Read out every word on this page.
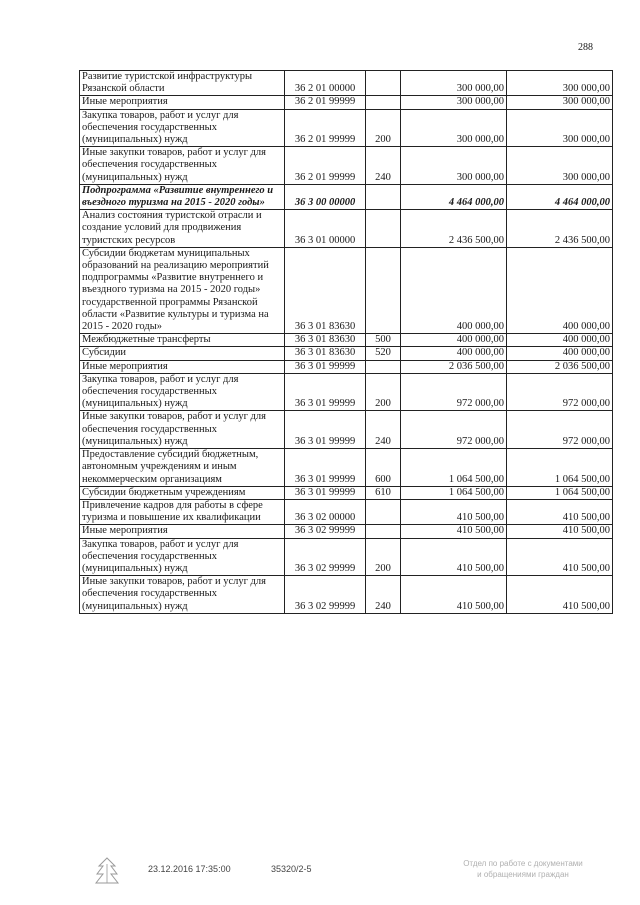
288
Развитие туристской инфраструктуры Рязанской области	36 2 01 00000		300 000,00	300 000,00
Иные мероприятия	36 2 01 99999		300 000,00	300 000,00
Закупка товаров, работ и услуг для обеспечения государственных (муниципальных) нужд	36 2 01 99999	200	300 000,00	300 000,00
Иные закупки товаров, работ и услуг для обеспечения государственных (муниципальных) нужд	36 2 01 99999	240	300 000,00	300 000,00
Подпрограмма «Развитие внутреннего и въездного туризма на 2015 - 2020 годы»	36 3 00 00000		4 464 000,00	4 464 000,00
Анализ состояния туристской отрасли и создание условий для продвижения туристских ресурсов	36 3 01 00000		2 436 500,00	2 436 500,00
Субсидии бюджетам муниципальных образований на реализацию мероприятий подпрограммы «Развитие внутреннего и въездного туризма на 2015 - 2020 годы» государственной программы Рязанской области «Развитие культуры и туризма на 2015 - 2020 годы»	36 3 01 83630		400 000,00	400 000,00
Межбюджетные трансферты	36 3 01 83630	500	400 000,00	400 000,00
Субсидии	36 3 01 83630	520	400 000,00	400 000,00
Иные мероприятия	36 3 01 99999		2 036 500,00	2 036 500,00
Закупка товаров, работ и услуг для обеспечения государственных (муниципальных) нужд	36 3 01 99999	200	972 000,00	972 000,00
Иные закупки товаров, работ и услуг для обеспечения государственных (муниципальных) нужд	36 3 01 99999	240	972 000,00	972 000,00
Предоставление субсидий бюджетным, автономным учреждениям и иным некоммерческим организациям	36 3 01 99999	600	1 064 500,00	1 064 500,00
Субсидии бюджетным учреждениям	36 3 01 99999	610	1 064 500,00	1 064 500,00
Привлечение кадров для работы в сфере туризма и повышение их квалификации	36 3 02 00000		410 500,00	410 500,00
Иные мероприятия	36 3 02 99999		410 500,00	410 500,00
Закупка товаров, работ и услуг для обеспечения государственных (муниципальных) нужд	36 3 02 99999	200	410 500,00	410 500,00
Иные закупки товаров, работ и услуг для обеспечения государственных (муниципальных) нужд	36 3 02 99999	240	410 500,00	410 500,00
23.12.2016 17:35:00	35320/2-5
Отдел по работе с документами
и обращениями граждан
